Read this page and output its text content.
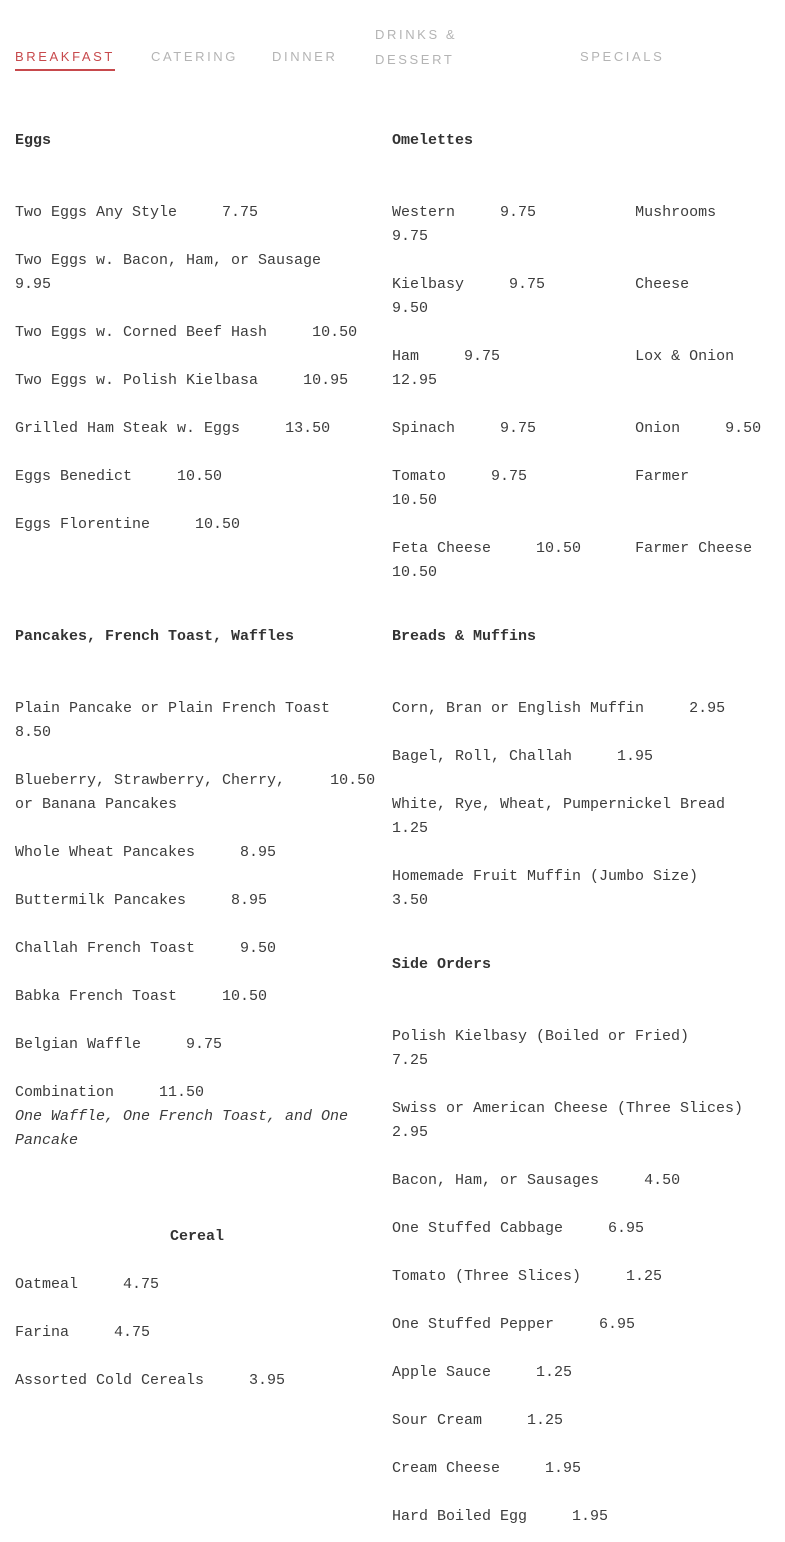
BREAKFAST	CATERING	DINNER
DRINKS & DESSERT	SPECIALS
Eggs
Two Eggs Any Style	7.75
Two Eggs w. Bacon, Ham, or Sausage     9.95
Two Eggs w. Corned Beef Hash	10.50
Two Eggs w. Polish Kielbasa	10.95
Grilled Ham Steak w. Eggs	13.50
Eggs Benedict	10.50
Eggs Florentine	10.50
Pancakes, French Toast, Waffles
Plain Pancake or Plain French Toast     8.50
Blueberry, Strawberry, Cherry,	10.50
or Banana Pancakes
Whole Wheat Pancakes	8.95
Buttermilk Pancakes	8.95
Challah French Toast	9.50
Babka French Toast	10.50
Belgian Waffle	9.75
Combination	11.50
One Waffle, One French Toast, and One Pancake
Cereal
Oatmeal	4.75
Farina	4.75
Assorted Cold Cereals	3.95
Omelettes
Western	9.75	Mushrooms     9.75
Kielbasy	9.75	Cheese     9.50
Ham	9.75	Lox & Onion     12.95
Spinach	9.75	Onion	9.50
Tomato	9.75	Farmer     10.50
Feta Cheese	10.50	Farmer Cheese     10.50
Breads & Muffins
Corn, Bran or English Muffin	2.95
Bagel, Roll, Challah	1.95
White, Rye, Wheat, Pumpernickel Bread     1.25
Homemade Fruit Muffin (Jumbo Size)     3.50
Side Orders
Polish Kielbasy (Boiled or Fried)     7.25
Swiss or American Cheese (Three Slices)     2.95
Bacon, Ham, or Sausages	4.50
One Stuffed Cabbage	6.95
Tomato (Three Slices)	1.25
One Stuffed Pepper	6.95
Apple Sauce	1.25
Sour Cream	1.25
Cream Cheese	1.95
Hard Boiled Egg	1.95
